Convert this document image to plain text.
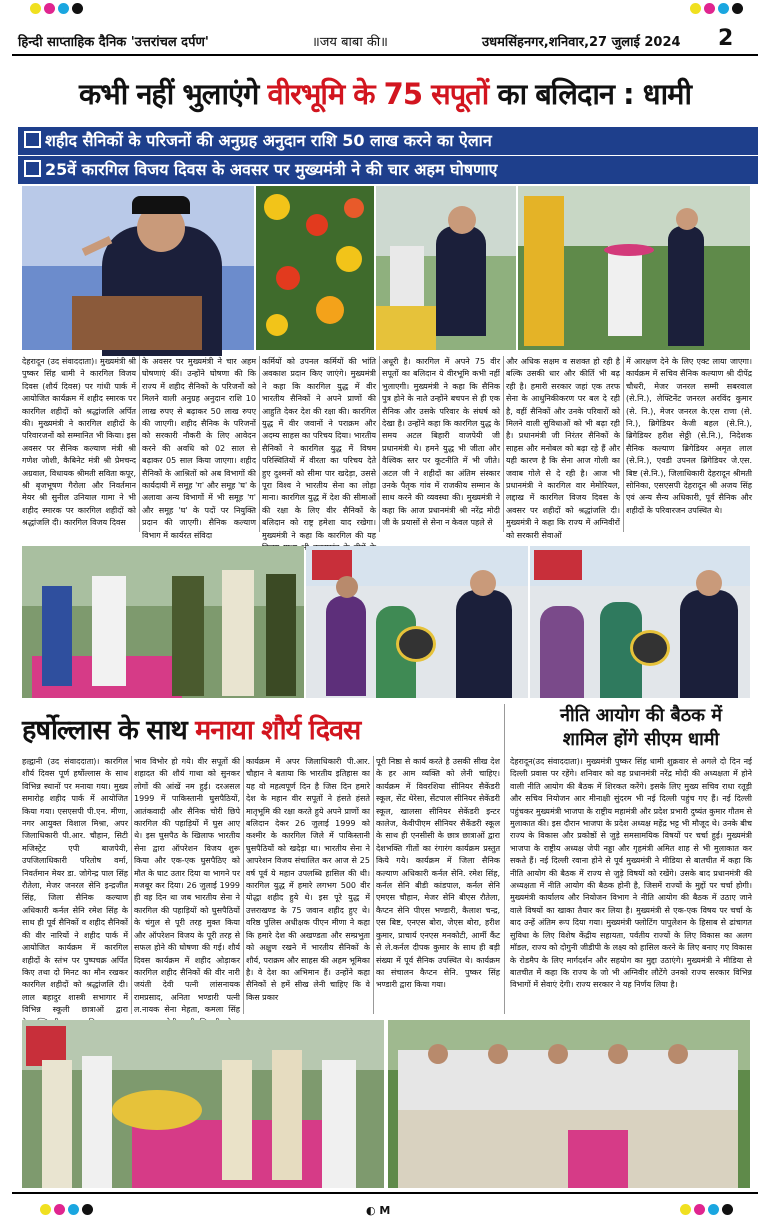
हिन्दी साप्ताहिक दैनिक 'उत्तरांचल दर्पण'	॥जय बाबा की॥	उधमसिंहनगर,शनिवार,27 जुलाई 2024 2
कभी नहीं भुलाएंगे वीरभूमि के 75 सपूतों का बलिदान : धामी
शहीद सैनिकों के परिजनों की अनुग्रह अनुदान राशि 50 लाख करने का ऐलान
25वें कारगिल विजय दिवस के अवसर पर मुख्यमंत्री ने की चार अहम घोषणाए
देहरादून (उद संवाददाता)। मुख्यमंत्री श्री पुष्कर सिंह धामी ने कारगिल विजय दिवस (शौर्य दिवस) पर गांधी पार्क में आयोजित कार्यक्रम में शहीद स्मारक पर कारगिल शहीदों को श्रद्धांजलि अर्पित की। मुख्यमंत्री ने कारगिल शहीदों के परिवारजनों को सम्मानित भी किया। इस अवसर पर सैनिक कल्याण मंत्री श्री गणेश जोशी, कैबिनेट मंत्री श्री प्रेमचन्द अग्रवाल, विधायक श्रीमती सविता कपूर, श्री बृजभूषण गैरोला और निवर्तमान मेयर श्री सुनील उनियाल गामा ने भी शहीद स्मारक पर कारगिल शहीदों को श्रद्धांजलि दी। कारगिल विजय दिवस
के अवसर पर मुख्यमंत्री ने चार अहम घोषणाएं कीं। उन्होंने घोषणा की कि राज्य में शहीद सैनिकों के परिजनों को मिलने वाली अनुग्रह अनुदान राशि 10 लाख रुपए से बढ़ाकर 50 लाख रुपए की जाएगी। शहीद सैनिक के परिजनों को सरकारी नौकरी के लिए आवेदन करने की अवधि को 02 साल से बढ़ाकर 05 साल किया जाएगा। शहीद सैनिकों के आश्रितों को अब विभागों की कार्यदायी में समूह 'ग' और समूह 'घ' के अलावा अन्य विभागों में भी समूह 'ग' और समूह 'घ' के पदों पर नियुक्ति प्रदान की जाएगी। सैनिक कल्याण विभाग में कार्यरत संविदा
कर्मियों को उपनल कर्मियों की भांति अवकाश प्रदान किए जाएंगे। मुख्यमंत्री ने कहा कि कारगिल युद्ध में वीर भारतीय सैनिकों ने अपने प्राणों की आहुति देकर देश की रक्षा की। कारगिल युद्ध में वीर जवानों ने पराक्रम और अदम्य साहस का परिचय दिया। भारतीय सैनिकों ने कारगिल युद्ध में विषम परिस्थितियों में वीरता का परिचय देते हुए दुश्मनों को सीमा पार खदेड़ा, उससे पूरा विश्व ने भारतीय सेना का लोहा माना। कारगिल युद्ध में देश की सीमाओं की रक्षा के लिए वीर सैनिकों के बलिदान को राष्ट्र हमेशा याद रखेगा। मुख्यमंत्री ने कहा कि कारगिल की यह
अधूरी है। कारगिल में अपने 75 वीर सपूतों का बलिदान ये वीरभूमि कभी नहीं भुलाएगी। मुख्यमंत्री ने कहा कि सैनिक पुत्र होने के नाते उन्होंने बचपन से ही एक सैनिक और उसके परिवार के संघर्ष को देखा है। उन्होंने कहा कि कारगिल युद्ध के समय अटल बिहारी वाजपेयी जी प्रधानमंत्री थे। हमने युद्ध भी जीता और वैश्विक स्तर पर कूटनीति में भी जीते।अटल जी ने शहीदों का अंतिम संस्कार उनके पैतृक गांव में राजकीय सम्मान के साथ करने की व्यवस्था की। मुख्यमंत्री ने कहा कि आज प्रधानमंत्री श्री नरेंद्र मोदी जी के प्रयासों से सेना न केवल पहले से
और अधिक सक्षम व सशक्त हो रही है बल्कि उसकी धार और कीर्ति भी बढ़ रही है। हमारी सरकार जहां एक तरफ सेना के आधुनिकीकरण पर बल दे रही है, वहीं सैनिकों और उनके परिवारों को मिलने वाली सुविधाओं को भी बढ़ा रही है। प्रधानमंत्री जी निरंतर सैनिकों के साहस और मनोबल को बढ़ा रहे हैं और यही कारण है कि सेना आज गोली का जवाब गोले से दे रही है। आज भी प्रधानमंत्री ने कारगिल वार मेमोरियल, लद्दाख में कारगिल विजय दिवस के अवसर पर शहीदों को श्रद्धांजलि दी। मुख्यमंत्री ने कहा कि राज्य में अग्निवीरों को सरकारी सेवाओं
में आरक्षण देने के लिए एक्ट लाया जाएगा। कार्यक्रम में सचिव सैनिक कल्याण श्री दीपेंद्र चौधरी, मेजर जनरल सम्मी सबरवाल (से.नि.), लेफ्टिनेंट जनरल अरविंद कुमार (से. नि.), मेजर जनरल के.एस राणा (से. नि.), ब्रिगेडियर केजी बहल (से.नि.), ब्रिगेडियर हरीश सेठ्ठी (से.नि.), निदेशक सैनिक कल्याण ब्रिगेडियर अमृत लाल (से.नि.), एवडी उपनल ब्रिगेडियर जे.एस. बिष्ट (से.नि.), जिलाधिकारी देहरादून श्रीमती सोनिका, एसएसपी देहरादून श्री अजय सिंह एवं अन्य सैन्य अधिकारी, पूर्व सैनिक और शहीदों के परिवारजन उपस्थित थे।
हर्षोल्लास के साथ मनाया शौर्य दिवस	नीति आयोग की बैठक में
शामिल होंगे सीएम धामी
हल्द्वानी (उद संवाददाता)। कारगिल शौर्य दिवस पूर्ण हर्षोल्लास के साथ विभिन्न स्थानों पर मनाया गया। मुख्य समारोह शहीद पार्क में आयोजित किया गया। एसएसपी पी.एन. मीणा, नगर आयुक्त विशाल मिश्रा, अपर जिलाधिकारी पी.आर. चौहान, सिटी मजिस्ट्रेट एपी बाजपेयी, उपजिलाधिकारी परितोष वर्मा, निवर्तमान मेयर डा. जोगेन्द्र पाल सिंह रौतेला, मेजर जनरल सेनि इन्द्रजीत सिंह, जिला सैनिक कल्याण अधिकारी कर्नल सेनि रमेश सिंह के साथ ही पूर्व सैनिकों व शहीद सैनिकों की वीर नारियों ने शहीद पार्क में आयोजित कार्यक्रम में कारगिल शहीदों के स्तंभ पर पुष्पचक्र अर्पित किए तथा दो मिनट का मौन रखकर कारगिल शहीदों को श्रद्धांजलि दी। लाल बहादुर शास्त्री सभागार में विभिन्न स्कूली छात्राओं द्वारा
भाव विभोर हो गये। वीर सपूतों की शहादत की शौर्य गाथा को सुनकर लोगों की आंखें नम हुई। दरअसल 1999 में पाकिस्तानी घुसपैठियों, आतंकवादी और सैनिक चोरी छिपे कारगिल की पहाड़ियों में घुस आए थे। इस घुसपैठ के खिलाफ भारतीय सेना द्वारा ऑपरेशन विजय शुरू किया और एक-एक घुसपैठिए को मौत के घाट उतार दिया या भागने पर मजबूर कर दिया। 26 जुलाई 1999 ही वह दिन था जब भारतीय सेना ने कारगिल की पहाड़ियों को घुसपैठियों के चंगुल से पूरी तरह मुक्त किया और ऑपरेशन विजय के पूरी तरह से सफल होने की घोषणा की गई। शौर्य दिवस कार्यक्रम में शहीद ओड़ाकर कारगिल शहीद सैनिकों की वीर नारी जयंती देवी पत्नी लांसनायक रामप्रसाद, अनिता भण्डारी पत्नी ल.नायक सेना मेहता, कमला सिंह
कार्यक्रम में अपर जिलाधिकारी पी.आर. चौहान ने बताया कि भारतीय इतिहास का यह वो महत्वपूर्ण दिन है जिस दिन हमारे देश के महान वीर सपूतों ने हंसते हंसते मातृभूमि की रक्षा करते हुये अपने प्राणों का बलिदान देकर 26 जुलाई 1999 को कश्मीर के कारगिल जिले में पाकिस्तानी घुसपैठियों को खदेड़ा था। भारतीय सेना ने आपरेशन विजय संचालित कर आज से 25 वर्ष पूर्व ये महान उपलब्धि हासिल की थी। कारगिल युद्ध में हमारे लगभग 500 वीर योद्धा शहीद हुये थे। इस पूरे युद्ध में उत्तराखण्ड के 75 जवान शहीद हुए थे। वरिष्ठ पुलिस अधीक्षक पीएन मीणा ने कहा कि हमारे देश की अखण्डता और सम्प्रभुता को अक्षुण रखने में भारतीय सैनिकों के शौर्य, पराक्रम और साहस की अहम भूमिका है। वे देश का अभिमान हैं। उन्होंने कहा सैनिकों से हमें सीख लेनी चाहिए कि वे किस प्रकार
पूरी निष्ठा से कार्य करते है उसकी सीख देश के हर आम व्यक्ति को लेनी चाहिए। कार्यक्रम में विवरशिया सीनियर सैकेंडरी स्कूल, सेंट थेरेसा, सेंटपाल सीनियर सेकेंडरी स्कूल, खालसा सीनियर सेकेंडरी इन्टर कालेज, केवीपीएम सीनियर सैकेंडरी स्कूल के साथ ही एनसीसी के छात्र छात्राओं द्वारा देशभक्ति गीतों का रंगारंग कार्यक्रम प्रस्तुत किये गये। कार्यक्रम में जिला सैनिक कल्याण अधिकारी कर्नल सेनि. रमेश सिंह, कर्नल सेनि बीडी कांडपाल, कर्नल सेनि एमएस चौहान, मेजर सेनि बीएस रौतेला, कैप्टन सेनि पीएस भण्डारी, कैलाश चन्द्र, एस बिष्ट, एनएस बोरा, जेएस बोरा, हरीश कुमार, प्राचार्य एनएस मनकोटी, आर्मी कैंट से ले.कर्नल दीपक कुमार के साथ ही बड़ी संख्या में पूर्व सैनिक उपस्थित थे। कार्यक्रम का संचालन कैप्टन सेनि. पुष्कर सिंह भण्डारी द्वारा किया गया।
देहरादून(उद संवाददाता)। मुख्यमंत्री पुष्कर सिंह धामी शुक्रवार से अगले दो दिन नई दिल्ली प्रवास पर रहेंगे। शनिवार को वह प्रधानमंत्री नरेंद्र मोदी की अध्यक्षता में होने वाली नीति आयोग की बैठक में शिरकत करेंगे। इसके लिए मुख्य सचिव राधा रतूड़ी और सचिव नियोजन आर मीनाक्षी सुंदरम भी नई दिल्ली पहुंच गए हैं। नई दिल्ली पहुंचकर मुख्यमंत्री भाजपा के राष्ट्रीय महामंत्री और प्रदेश प्रभारी दुष्यंत कुमार गौतम से मुलाकात की। इस दौरान भाजपा के प्रदेश अध्यक्ष महेंद्र भट्ट भी मौजूद थे। उनके बीच राज्य के विकास और प्रकोष्ठों से जुड़े समसामयिक विषयों पर चर्चा हुई। मुख्यमंत्री भाजपा के राष्ट्रीय अध्यक्ष जेपी नड्डा और गृहमंत्री अमित शाह से भी मुलाकात कर सकते हैं। नई दिल्ली रवाना होने से पूर्व मुख्यमंत्री ने मीडिया से बातचीत में कहा कि नीति आयोग की बैठक में राज्य से जुड़े विषयों को रखेंगे। उसके बाद प्रधानमंत्री की अध्यक्षता में नीति आयोग की बैठक होनी है, जिसमें राज्यों के मुद्दों पर चर्चा होगी। मुख्यमंत्री कार्यालय और नियोजन विभाग ने नीति आयोग की बैठक में उठाए जाने वाले विषयों का खाका तैयार कर लिया है। मुख्यमंत्री से एक-एक विषय पर चर्चा के बाद उन्हें अंतिम रूप दिया गया। मुख्यमंत्री फ्लोटिंग पापुलेशन के हिसाब से ढांचागत सुविधा के लिए विशेष केंद्रीय सहायता, पर्वतीय राज्यों के लिए विकास का अलग मॉडल, राज्य को दोगुनी जीडीपी के लक्ष्य को हासिल करने के लिए बनाए गए विकास के रोडमैप के लिए मार्गदर्शन और सहयोग का मुद्दा उठाएंगे। मुख्यमंत्री ने मीडिया से बातचीत में कहा कि राज्य के जो भी अग्निवीर लौटेंगे उनको राज्य सरकार विभिन्न विभागों में सेवाएं देगी। राज्य सरकार ने यह निर्णय लिया है।
◐ M
